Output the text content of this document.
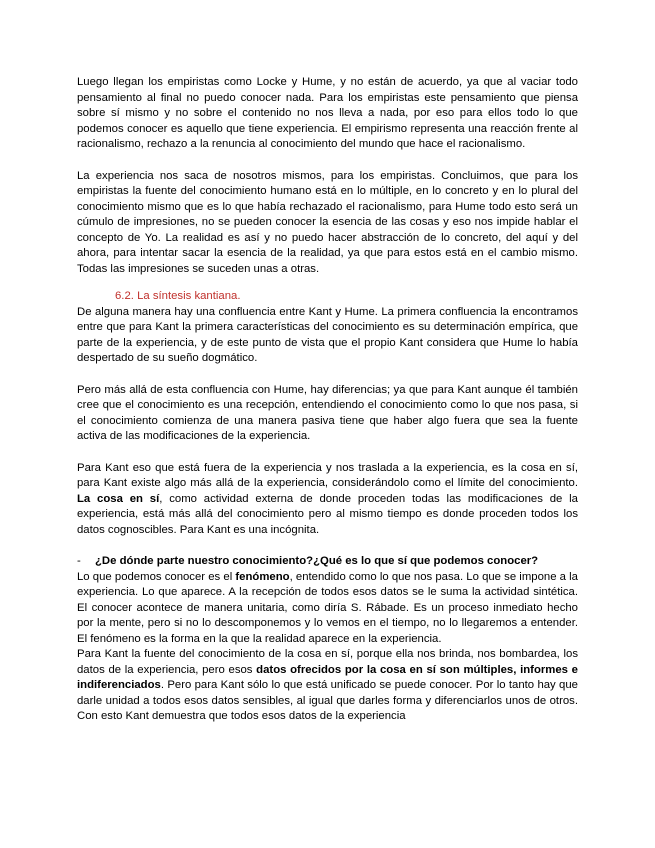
Luego llegan los empiristas como Locke y Hume, y no están de acuerdo, ya que al vaciar todo pensamiento al final no puedo conocer nada. Para los empiristas este pensamiento que piensa sobre sí mismo y no sobre el contenido no nos lleva a nada, por eso para ellos todo lo que podemos conocer es aquello que tiene experiencia. El empirismo representa una reacción frente al racionalismo, rechazo a la renuncia al conocimiento del mundo que hace el racionalismo.

La experiencia nos saca de nosotros mismos, para los empiristas. Concluimos, que para los empiristas la fuente del conocimiento humano está en lo múltiple, en lo concreto y en lo plural del conocimiento mismo que es lo que había rechazado el racionalismo, para Hume todo esto será un cúmulo de impresiones, no se pueden conocer la esencia de las cosas y eso nos impide hablar el concepto de Yo. La realidad es así y no puedo hacer abstracción de lo concreto, del aquí y del ahora, para intentar sacar la esencia de la realidad, ya que para estos está en el cambio mismo. Todas las impresiones se suceden unas a otras.

6.2. La síntesis kantiana.

De alguna manera hay una confluencia entre Kant y Hume. La primera confluencia la encontramos entre que para Kant la primera características del conocimiento es su determinación empírica, que parte de la experiencia, y de este punto de vista que el propio Kant considera que Hume lo había despertado de su sueño dogmático.

Pero más allá de esta confluencia con Hume, hay diferencias; ya que para Kant aunque él también cree que el conocimiento es una recepción, entendiendo el conocimiento como lo que nos pasa, si el conocimiento comienza de una manera pasiva tiene que haber algo fuera que sea la fuente activa de las modificaciones de la experiencia.

Para Kant eso que está fuera de la experiencia y nos traslada a la experiencia, es la cosa en sí, para Kant existe algo más allá de la experiencia, considerándolo como el límite del conocimiento. La cosa en sí, como actividad externa de donde proceden todas las modificaciones de la experiencia, está más allá del conocimiento pero al mismo tiempo es donde proceden todos los datos cognoscibles. Para Kant es una incógnita.

- ¿De dónde parte nuestro conocimiento?¿Qué es lo que sí que podemos conocer?

Lo que podemos conocer es el fenómeno, entendido como lo que nos pasa. Lo que se impone a la experiencia. Lo que aparece. A la recepción de todos esos datos se le suma la actividad sintética. El conocer acontece de manera unitaria, como diría S. Rábade. Es un proceso inmediato hecho por la mente, pero si no lo descomponemos y lo vemos en el tiempo, no lo llegaremos a entender. El fenómeno es la forma en la que la realidad aparece en la experiencia.

Para Kant la fuente del conocimiento de la cosa en sí, porque ella nos brinda, nos bombardea, los datos de la experiencia, pero esos datos ofrecidos por la cosa en sí son múltiples, informes e indiferenciados. Pero para Kant sólo lo que está unificado se puede conocer. Por lo tanto hay que darle unidad a todos esos datos sensibles, al igual que darles forma y diferenciarlos unos de otros. Con esto Kant demuestra que todos esos datos de la experiencia
